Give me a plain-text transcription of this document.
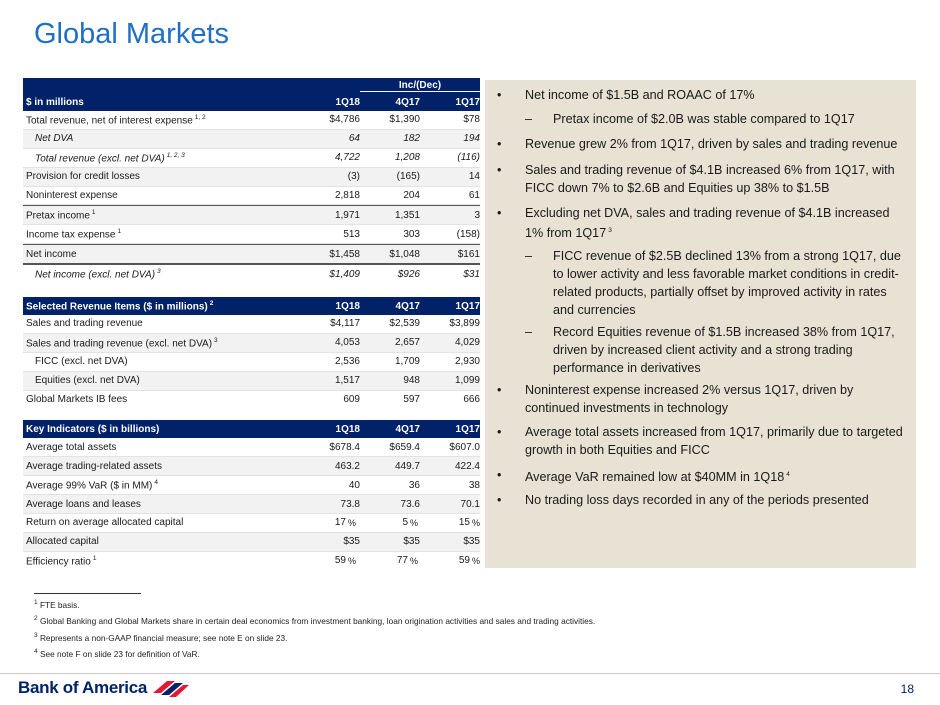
Global Markets
Inc/(Dec)
$ in millions	1Q18	4Q17	1Q17
Total revenue, net of interest expense $^{1, 2}$	$4,786	$1,390	$78
Net DVA	64	182	194
Total revenue (excl. net DVA) $^{1, 2, 3}$	4,722	1,208	(116)
Provision for credit losses	(3)	(165)	14
Noninterest expense	2,818	204	61
Pretax income $^1$	1,971	1,351	3
Income tax expense $^1$	513	303	(158)
Net income	$1,458	$1,048	$161
Net income (excl. net DVA) $^3$	$1,409	$926	$31
Selected Revenue Items ($ in millions) $^2$	1Q18	4Q17	1Q17
Sales and trading revenue	$4,117	$2,539	$3,899
Sales and trading revenue (excl. net DVA) $^3$	4,053	2,657	4,029
FICC (excl. net DVA)	2,536	1,709	2,930
Equities (excl. net DVA)	1,517	948	1,099
Global Markets IB fees	609	597	666
Key Indicators ($ in billions)	1Q18	4Q17	1Q17
Average total assets	$678.4	$659.4	$607.0
Average trading-related assets	463.2	449.7	422.4
Average 99% VaR ($ in MM) $^4$	40	36	38
Average loans and leases	73.8	73.6	70.1
Return on average allocated capital	17 %	5 %	15 %
Allocated capital	$35	$35	$35
Efficiency ratio $^1$	59 %	77 %	59 %
•	Net income of $1.5B and ROAAC of 17%
–	Pretax income of $2.0B was stable compared to 1Q17
•	Revenue grew 2% from 1Q17, driven by sales and trading revenue
•	Sales and trading revenue of $4.1B increased 6% from 1Q17, with FICC down 7% to $2.6B and Equities up 38% to $1.5B
•	Excluding net DVA, sales and trading revenue of $4.1B increased 1% from 1Q17 $^3$
–	FICC revenue of $2.5B declined 13% from a strong 1Q17, due to lower activity and less favorable market conditions in credit-related products, partially offset by improved activity in rates and currencies
–	Record Equities revenue of $1.5B increased 38% from 1Q17, driven by increased client activity and a strong trading performance in derivatives
•	Noninterest expense increased 2% versus 1Q17, driven by continued investments in technology
•	Average total assets increased from 1Q17, primarily due to targeted growth in both Equities and FICC
•	Average VaR remained low at $40MM in 1Q18 $^4$
•	No trading loss days recorded in any of the periods presented
$^1$ FTE basis.
$^2$ Global Banking and Global Markets share in certain deal economics from investment banking, loan origination activities and sales and trading activities.
$^3$ Represents a non-GAAP financial measure; see note E on slide 23.
$^4$ See note F on slide 23 for definition of VaR.
Bank of America	18
